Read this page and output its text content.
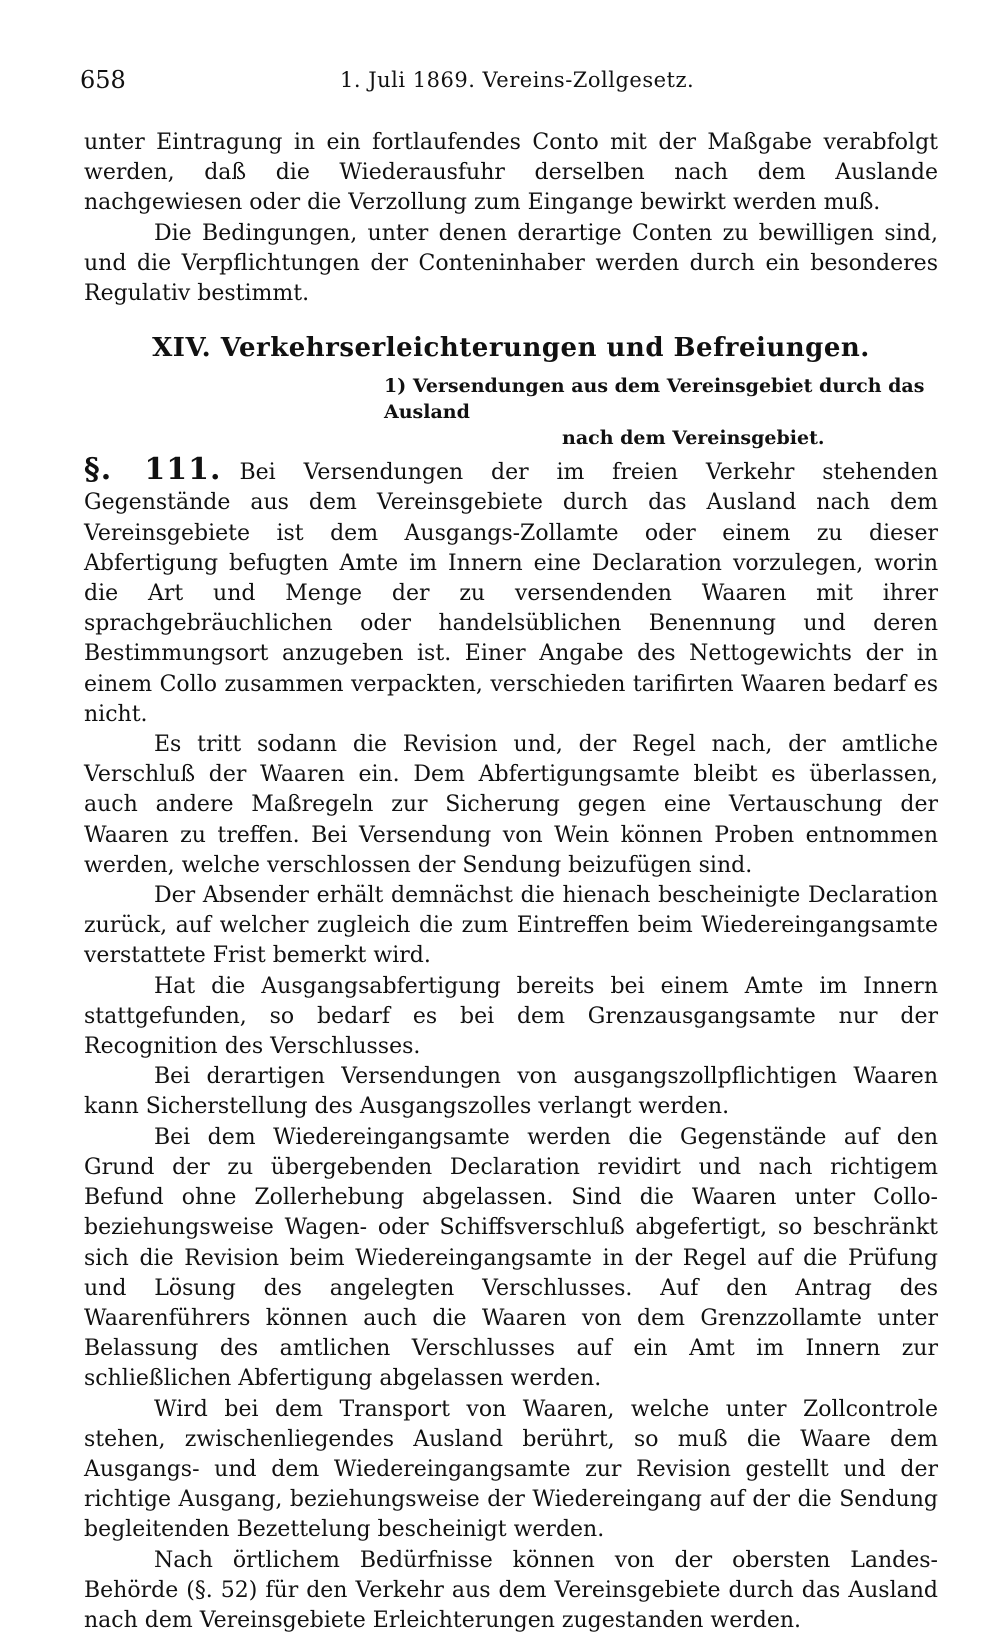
658	1. Juli 1869. Vereins-Zollgesetz.

unter Eintragung in ein fortlaufendes Conto mit der Maßgabe verabfolgt werden, daß die Wiederausfuhr derselben nach dem Auslande nachgewiesen oder die Verzollung zum Eingange bewirkt werden muß.

Die Bedingungen, unter denen derartige Conten zu bewilligen sind, und die Verpflichtungen der Conteninhaber werden durch ein besonderes Regulativ bestimmt.

XIV. Verkehrserleichterungen und Befreiungen.
1) Versendungen aus dem Vereinsgebiet durch das Ausland
nach dem Vereinsgebiet.

§. 111. Bei Versendungen der im freien Verkehr stehenden Gegenstände aus dem Vereinsgebiete durch das Ausland nach dem Vereinsgebiete ist dem Ausgangs-Zollamte oder einem zu dieser Abfertigung befugten Amte im Innern eine Declaration vorzulegen, worin die Art und Menge der zu versendenden Waaren mit ihrer sprachgebräuchlichen oder handelsüblichen Benennung und deren Bestimmungsort anzugeben ist. Einer Angabe des Nettogewichts der in einem Collo zusammen verpackten, verschieden tarifirten Waaren bedarf es nicht.

Es tritt sodann die Revision und, der Regel nach, der amtliche Verschluß der Waaren ein. Dem Abfertigungsamte bleibt es überlassen, auch andere Maßregeln zur Sicherung gegen eine Vertauschung der Waaren zu treffen. Bei Versendung von Wein können Proben entnommen werden, welche verschlossen der Sendung beizufügen sind.

Der Absender erhält demnächst die hienach bescheinigte Declaration zurück, auf welcher zugleich die zum Eintreffen beim Wiedereingangsamte verstattete Frist bemerkt wird.

Hat die Ausgangsabfertigung bereits bei einem Amte im Innern stattgefunden, so bedarf es bei dem Grenzausgangsamte nur der Recognition des Verschlusses.

Bei derartigen Versendungen von ausgangszollpflichtigen Waaren kann Sicherstellung des Ausgangszolles verlangt werden.

Bei dem Wiedereingangsamte werden die Gegenstände auf den Grund der zu übergebenden Declaration revidirt und nach richtigem Befund ohne Zollerhebung abgelassen. Sind die Waaren unter Collo- beziehungsweise Wagen- oder Schiffsverschluß abgefertigt, so beschränkt sich die Revision beim Wiedereingangsamte in der Regel auf die Prüfung und Lösung des angelegten Verschlusses. Auf den Antrag des Waarenführers können auch die Waaren von dem Grenzzollamte unter Belassung des amtlichen Verschlusses auf ein Amt im Innern zur schließlichen Abfertigung abgelassen werden.

Wird bei dem Transport von Waaren, welche unter Zollcontrole stehen, zwischenliegendes Ausland berührt, so muß die Waare dem Ausgangs- und dem Wiedereingangsamte zur Revision gestellt und der richtige Ausgang, beziehungsweise der Wiedereingang auf der die Sendung begleitenden Bezettelung bescheinigt werden.

Nach örtlichem Bedürfnisse können von der obersten Landes-Behörde (§. 52) für den Verkehr aus dem Vereinsgebiete durch das Ausland nach dem Vereinsgebiete Erleichterungen zugestanden werden.
